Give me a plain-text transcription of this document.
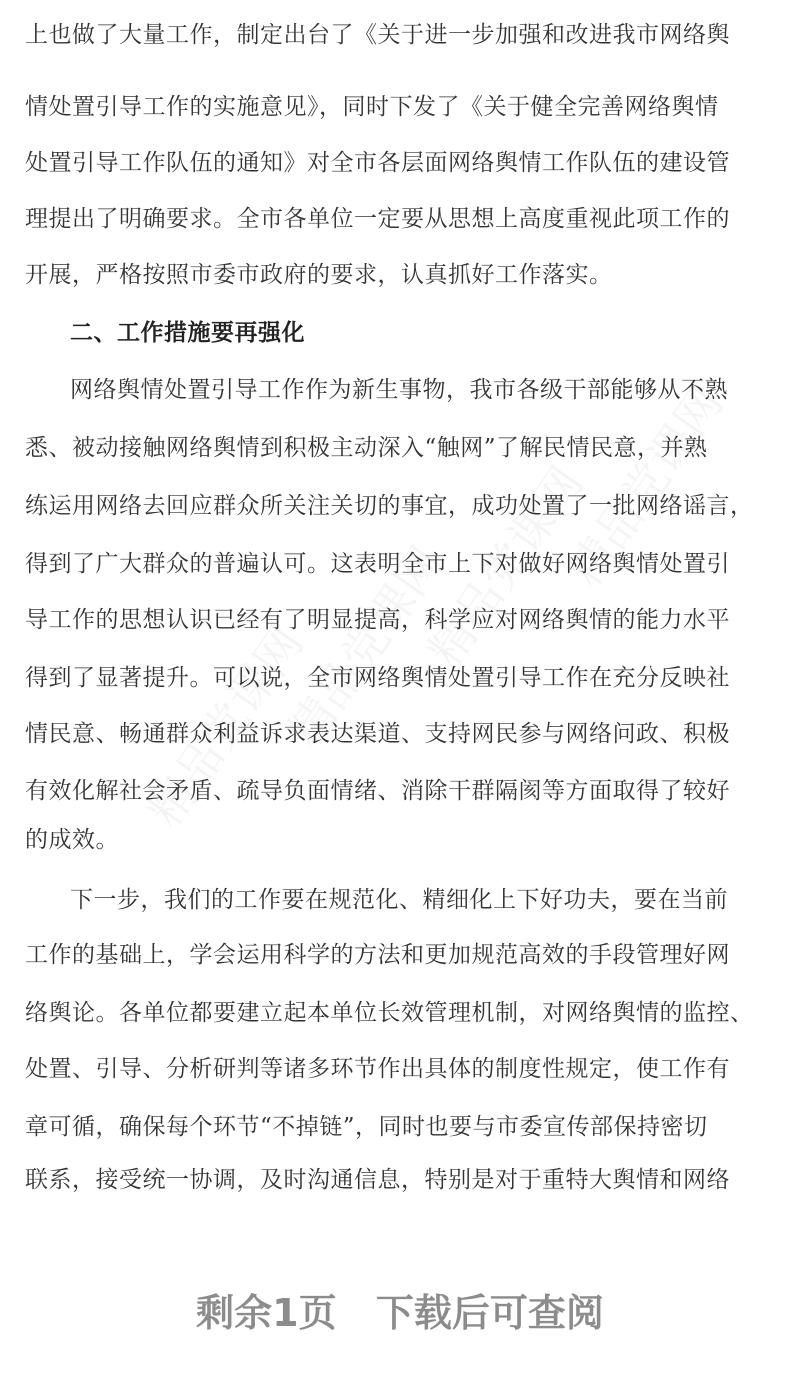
上也做了大量工作，制定出台了《关于进一步加强和改进我市网络舆
情处置引导工作的实施意见》，同时下发了《关于健全完善网络舆情
处置引导工作队伍的通知》对全市各层面网络舆情工作队伍的建设管
理提出了明确要求。全市各单位一定要从思想上高度重视此项工作的
开展，严格按照市委市政府的要求，认真抓好工作落实。
二、工作措施要再强化
网络舆情处置引导工作作为新生事物，我市各级干部能够从不熟
悉、被动接触网络舆情到积极主动深入“触网”了解民情民意，并熟
练运用网络去回应群众所关注关切的事宜，成功处置了一批网络谣言，
得到了广大群众的普遍认可。这表明全市上下对做好网络舆情处置引
导工作的思想认识已经有了明显提高，科学应对网络舆情的能力水平
得到了显著提升。可以说，全市网络舆情处置引导工作在充分反映社
情民意、畅通群众利益诉求表达渠道、支持网民参与网络问政、积极
有效化解社会矛盾、疏导负面情绪、消除干群隔阂等方面取得了较好
的成效。
下一步，我们的工作要在规范化、精细化上下好功夫，要在当前
工作的基础上，学会运用科学的方法和更加规范高效的手段管理好网
络舆论。各单位都要建立起本单位长效管理机制，对网络舆情的监控、
处置、引导、分析研判等诸多环节作出具体的制度性规定，使工作有
章可循，确保每个环节“不掉链”，同时也要与市委宣传部保持密切
联系，接受统一协调，及时沟通信息，特别是对于重特大舆情和网络
剩余1页 下载后可查阅
